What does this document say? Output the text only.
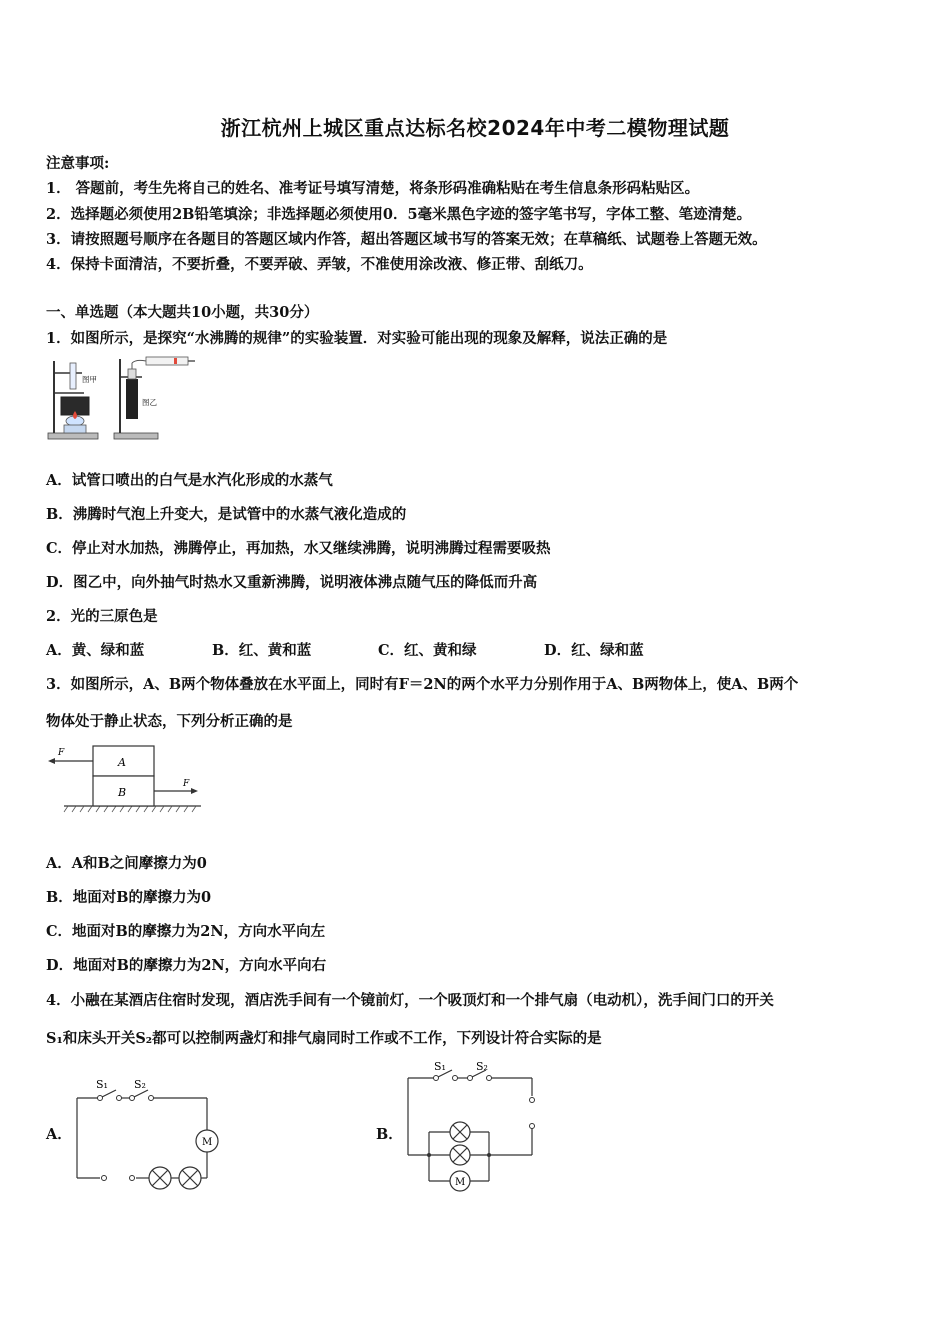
浙江杭州上城区重点达标名校2024年中考二模物理试题
注意事项:
1． 答题前，考生先将自己的姓名、准考证号填写清楚，将条形码准确粘贴在考生信息条形码粘贴区。
2．选择题必须使用2B铅笔填涂；非选择题必须使用0．5毫米黑色字迹的签字笔书写，字体工整、笔迹清楚。
3．请按照题号顺序在各题目的答题区域内作答，超出答题区域书写的答案无效；在草稿纸、试题卷上答题无效。
4．保持卡面清洁，不要折叠，不要弄破、弄皱，不准使用涂改液、修正带、刮纸刀。
一、单选题（本大题共10小题，共30分）
1．如图所示，是探究“水沸腾的规律”的实验装置．对实验可能出现的现象及解释，说法正确的是
图甲
图乙
A．试管口喷出的白气是水汽化形成的水蒸气
B．沸腾时气泡上升变大，是试管中的水蒸气液化造成的
C．停止对水加热，沸腾停止，再加热，水又继续沸腾，说明沸腾过程需要吸热
D．图乙中，向外抽气时热水又重新沸腾，说明液体沸点随气压的降低而升高
2．光的三原色是
A．黄、绿和蓝	B．红、黄和蓝	C．红、黄和绿	D．红、绿和蓝
3．如图所示，A、B两个物体叠放在水平面上，同时有F＝2N的两个水平力分别作用于A、B两物体上，使A、B两个
物体处于静止状态，下列分析正确的是
A
B
F
F
A．A和B之间摩擦力为0
B．地面对B的摩擦力为0
C．地面对B的摩擦力为2N，方向水平向左
D．地面对B的摩擦力为2N，方向水平向右
4．小融在某酒店住宿时发现，酒店洗手间有一个镜前灯，一个吸顶灯和一个排气扇（电动机），洗手间门口的开关
S₁和床头开关S₂都可以控制两盏灯和排气扇同时工作或不工作，下列设计符合实际的是
A．
S₁ S₂
M	B．
S₁	S₂
M
